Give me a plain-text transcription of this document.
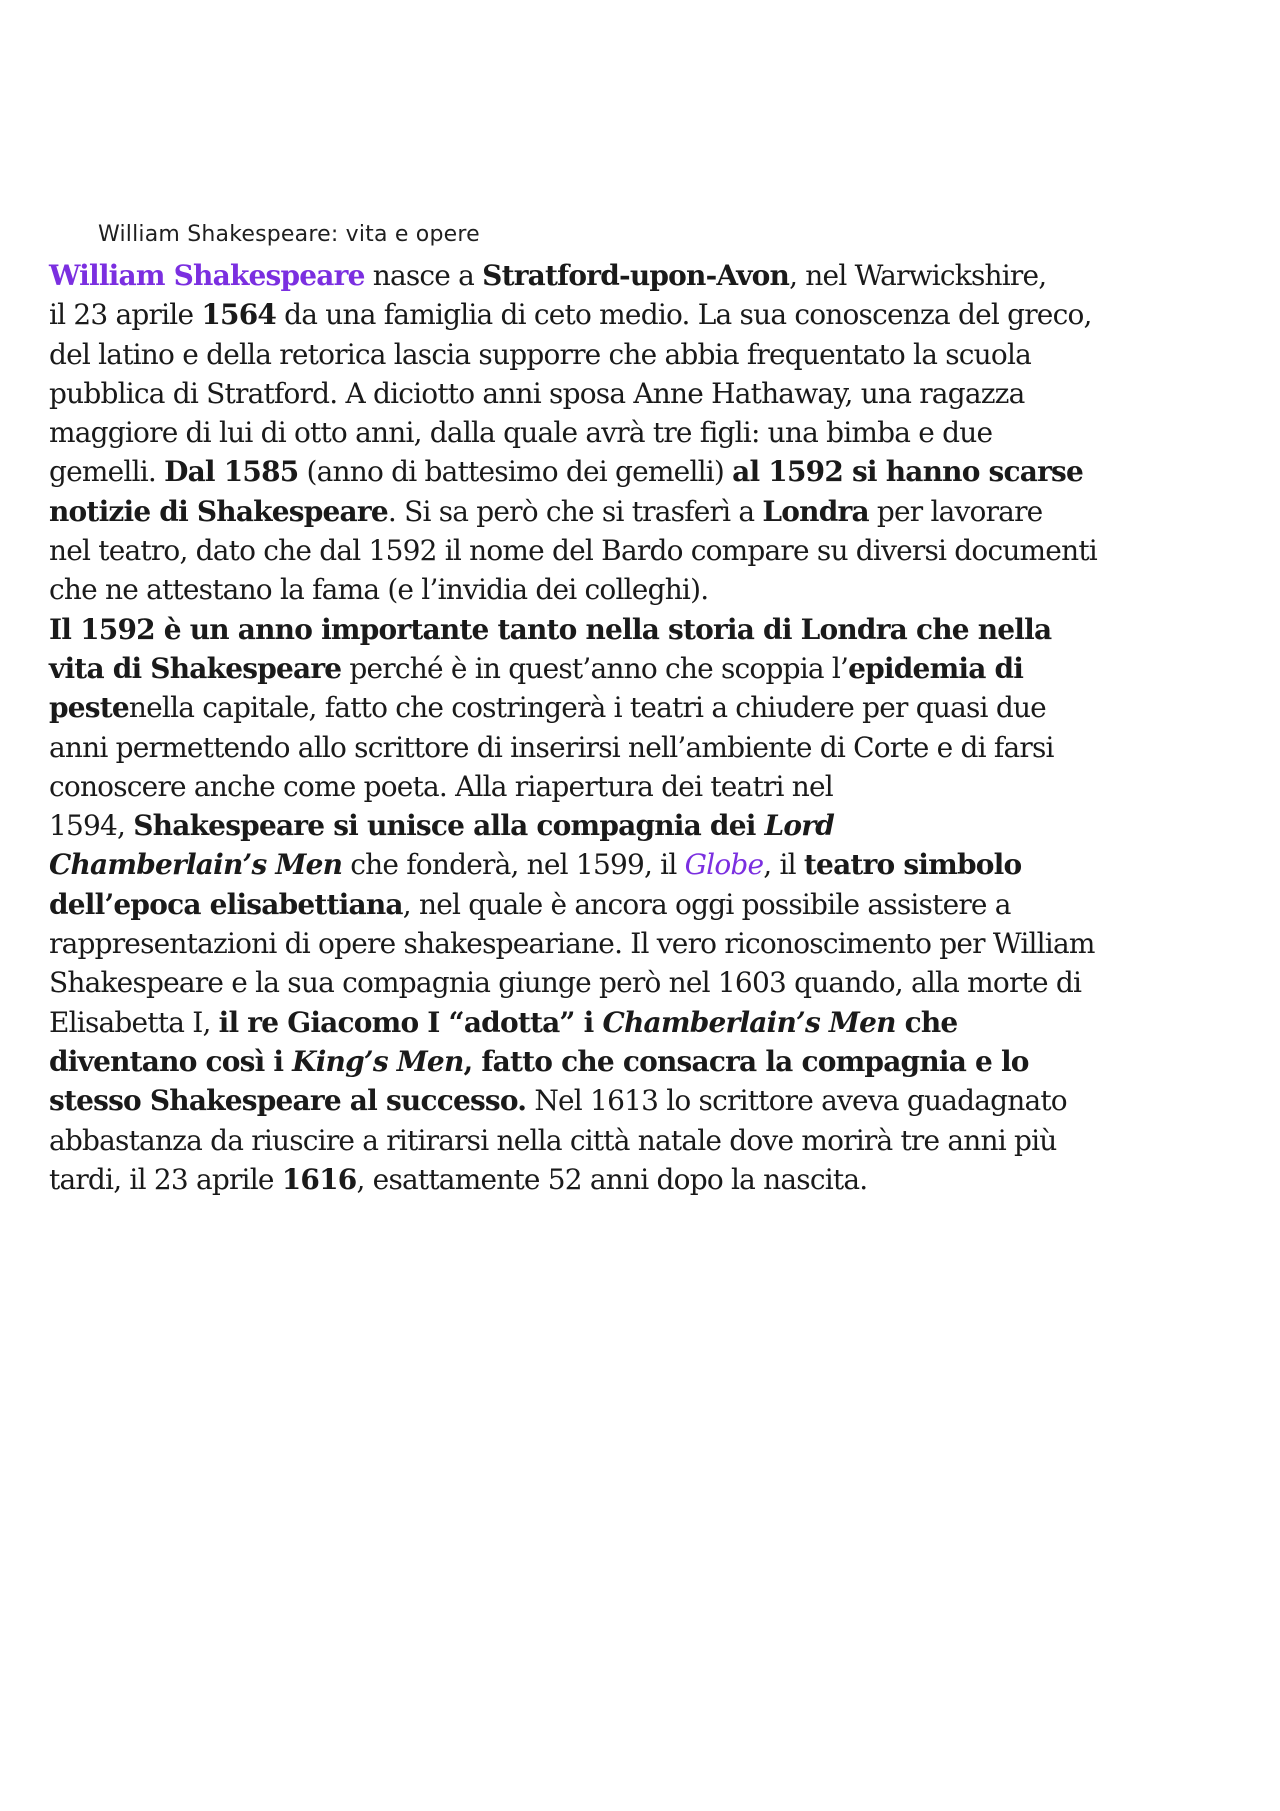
William Shakespeare: vita e opere

William Shakespeare nasce a Stratford-upon-Avon, nel Warwickshire,
il 23 aprile 1564 da una famiglia di ceto medio. La sua conoscenza del greco,
del latino e della retorica lascia supporre che abbia frequentato la scuola
pubblica di Stratford. A diciotto anni sposa Anne Hathaway, una ragazza
maggiore di lui di otto anni, dalla quale avrà tre figli: una bimba e due
gemelli. Dal 1585 (anno di battesimo dei gemelli) al 1592 si hanno scarse
notizie di Shakespeare. Si sa però che si trasferì a Londra per lavorare
nel teatro, dato che dal 1592 il nome del Bardo compare su diversi documenti
che ne attestano la fama (e l’invidia dei colleghi).

Il 1592 è un anno importante tanto nella storia di Londra che nella
vita di Shakespeare perché è in quest’anno che scoppia l’epidemia di
pestenella capitale, fatto che costringerà i teatri a chiudere per quasi due
anni permettendo allo scrittore di inserirsi nell’ambiente di Corte e di farsi
conoscere anche come poeta. Alla riapertura dei teatri nel
1594, Shakespeare si unisce alla compagnia dei Lord
Chamberlain’s Men che fonderà, nel 1599, il Globe, il teatro simbolo
dell’epoca elisabettiana, nel quale è ancora oggi possibile assistere a
rappresentazioni di opere shakespeariane. Il vero riconoscimento per William
Shakespeare e la sua compagnia giunge però nel 1603 quando, alla morte di
Elisabetta I, il re Giacomo I “adotta” i Chamberlain’s Men che
diventano così i King’s Men, fatto che consacra la compagnia e lo
stesso Shakespeare al successo. Nel 1613 lo scrittore aveva guadagnato
abbastanza da riuscire a ritirarsi nella città natale dove morirà tre anni più
tardi, il 23 aprile 1616, esattamente 52 anni dopo la nascita.
